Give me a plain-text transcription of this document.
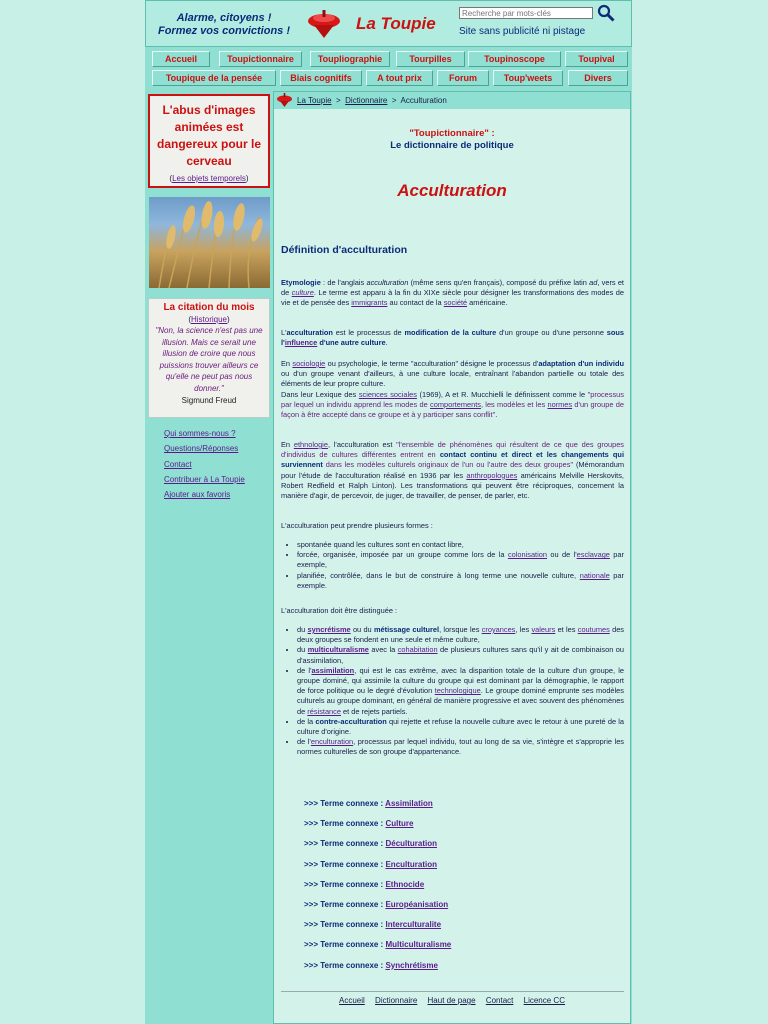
Alarme, citoyens !
Formez vos convictions !	La Toupie
Recherche par mots-clés Site sans publicité ni pistage
Accueil	Toupictionnaire	Toupliographie	Tourpilles	Toupinoscope	Toupival
Toupique de la pensée	Biais cognitifs	A tout prix	Forum	Toup'weets	Divers
L'abus d'images animées est dangereux pour le cerveau
(Les objets temporels)
La citation du mois
(Historique)
"Non, la science n'est pas une illusion. Mais ce serait une illusion de croire que nous puissions trouver ailleurs ce qu'elle ne peut pas nous donner."
Sigmund Freud
Qui sommes-nous ?
Questions/Réponses
Contact
Contribuer à La Toupie
Ajouter aux favoris
La Toupie > Dictionnaire > Acculturation
"Toupictionnaire" :
Le dictionnaire de politique
Acculturation
Définition d'acculturation
Etymologie : de l'anglais acculturation (même sens qu'en français), composé du préfixe latin ad, vers et de culture. Le terme est apparu à la fin du XIXe siècle pour désigner les transformations des modes de vie et de pensée des immigrants au contact de la société américaine.
L'acculturation est le processus de modification de la culture d'un groupe ou d'une personne sous l'influence d'une autre culture.
En sociologie ou psychologie, le terme "acculturation" désigne le processus d'adaptation d'un individu ou d'un groupe venant d'ailleurs, à une culture locale, entraînant l'abandon partielle ou totale des éléments de leur propre culture.
Dans leur Lexique des sciences sociales (1969), A et R. Mucchielli le définissent comme le "processus par lequel un individu apprend les modes de comportements, les modèles et les normes d'un groupe de façon à être accepté dans ce groupe et à y participer sans conflit".
En ethnologie, l'acculturation est "l'ensemble de phénomènes qui résultent de ce que des groupes d'individus de cultures différentes entrent en contact continu et direct et les changements qui surviennent dans les modèles culturels originaux de l'un ou l'autre des deux groupes" (Mémorandum pour l'étude de l'acculturation réalisé en 1936 par les anthropologues américains Melville Herskovits, Robert Redfield et Ralph Linton). Les transformations qui peuvent être réciproques, concernent la manière d'agir, de percevoir, de juger, de travailler, de penser, de parler, etc.
L'acculturation peut prendre plusieurs formes :
• spontanée quand les cultures sont en contact libre,
• forcée, organisée, imposée par un groupe comme lors de la colonisation ou de l'esclavage par exemple,
• planifiée, contrôlée, dans le but de construire à long terme une nouvelle culture, nationale par exemple.
L'acculturation doit être distinguée :
• du syncrétisme ou du métissage culturel, lorsque les croyances, les valeurs et les coutumes des deux groupes se fondent en une seule et même culture,
• du multiculturalisme avec la cohabitation de plusieurs cultures sans qu'il y ait de combinaison ou d'assimilation,
• de l'assimilation, qui est le cas extrême, avec la disparition totale de la culture d'un groupe, le groupe dominé, qui assimile la culture du groupe qui est dominant par la démographie, le rapport de force politique ou le degré d'évolution technologique. Le groupe dominé emprunte ses modèles culturels au groupe dominant, en général de manière progressive et avec souvent des phénomènes de résistance et de rejets partiels.
• de la contre-acculturation qui rejette et refuse la nouvelle culture avec le retour à une pureté de la culture d'origine.
• de l'enculturation, processus par lequel individu, tout au long de sa vie, s'intègre et s'approprie les normes culturelles de son groupe d'appartenance.
>>> Terme connexe : Assimilation
>>> Terme connexe : Culture
>>> Terme connexe : Déculturation
>>> Terme connexe : Enculturation
>>> Terme connexe : Ethnocide
>>> Terme connexe : Européanisation
>>> Terme connexe : Interculturalite
>>> Terme connexe : Multiculturalisme
>>> Terme connexe : Synchrétisme
Accueil Dictionnaire Haut de page Contact Licence CC
